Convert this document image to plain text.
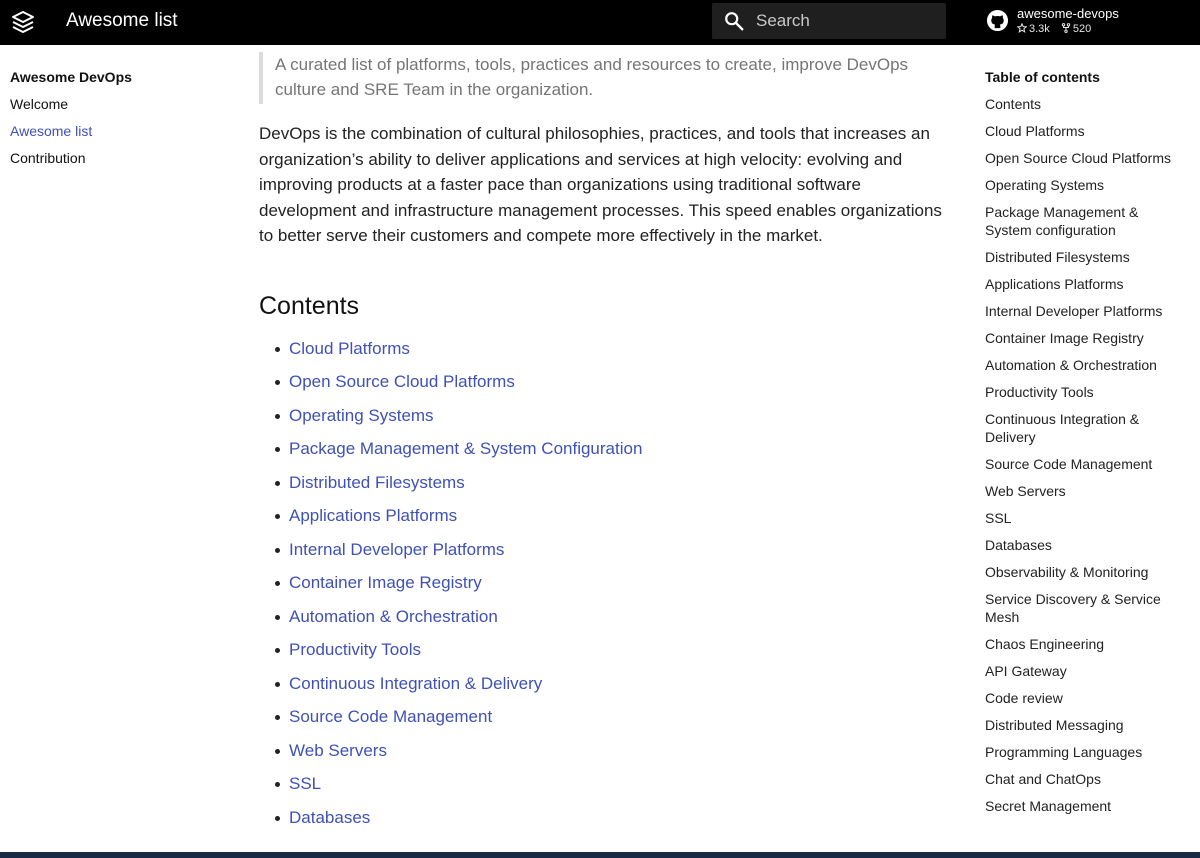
Awesome list
Search	awesome-devops
3.3k 520
Awesome DevOps
Welcome
Awesome list
Contribution
A curated list of platforms, tools, practices and resources to create, improve DevOps culture and SRE Team in the organization.

DevOps is the combination of cultural philosophies, practices, and tools that increases an organization’s ability to deliver applications and services at high velocity: evolving and improving products at a faster pace than organizations using traditional software development and infrastructure management processes. This speed enables organizations to better serve their customers and compete more effectively in the market.

Contents
Cloud Platforms
Open Source Cloud Platforms
Operating Systems
Package Management & System Configuration
Distributed Filesystems
Applications Platforms
Internal Developer Platforms
Container Image Registry
Automation & Orchestration
Productivity Tools
Continuous Integration & Delivery
Source Code Management
Web Servers
SSL
Databases
Table of contents
Contents
Cloud Platforms
Open Source Cloud Platforms
Operating Systems
Package Management & System configuration
Distributed Filesystems
Applications Platforms
Internal Developer Platforms
Container Image Registry
Automation & Orchestration
Productivity Tools
Continuous Integration & Delivery
Source Code Management
Web Servers
SSL
Databases
Observability & Monitoring
Service Discovery & Service Mesh
Chaos Engineering
API Gateway
Code review
Distributed Messaging
Programming Languages
Chat and ChatOps
Secret Management
